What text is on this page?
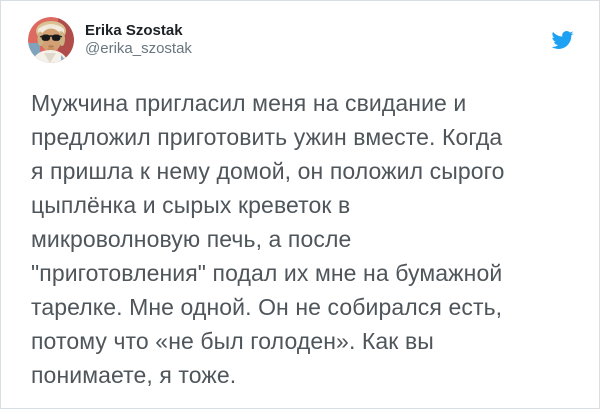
Erika Szostak
@erika_szostak
Мужчина пригласил меня на свидание и
предложил приготовить ужин вместе. Когда
я пришла к нему домой, он положил сырого
цыплёнка и сырых креветок в
микроволновую печь, а после
"приготовления" подал их мне на бумажной
тарелке. Мне одной. Он не собирался есть,
потому что «не был голоден». Как вы
понимаете, я тоже.
